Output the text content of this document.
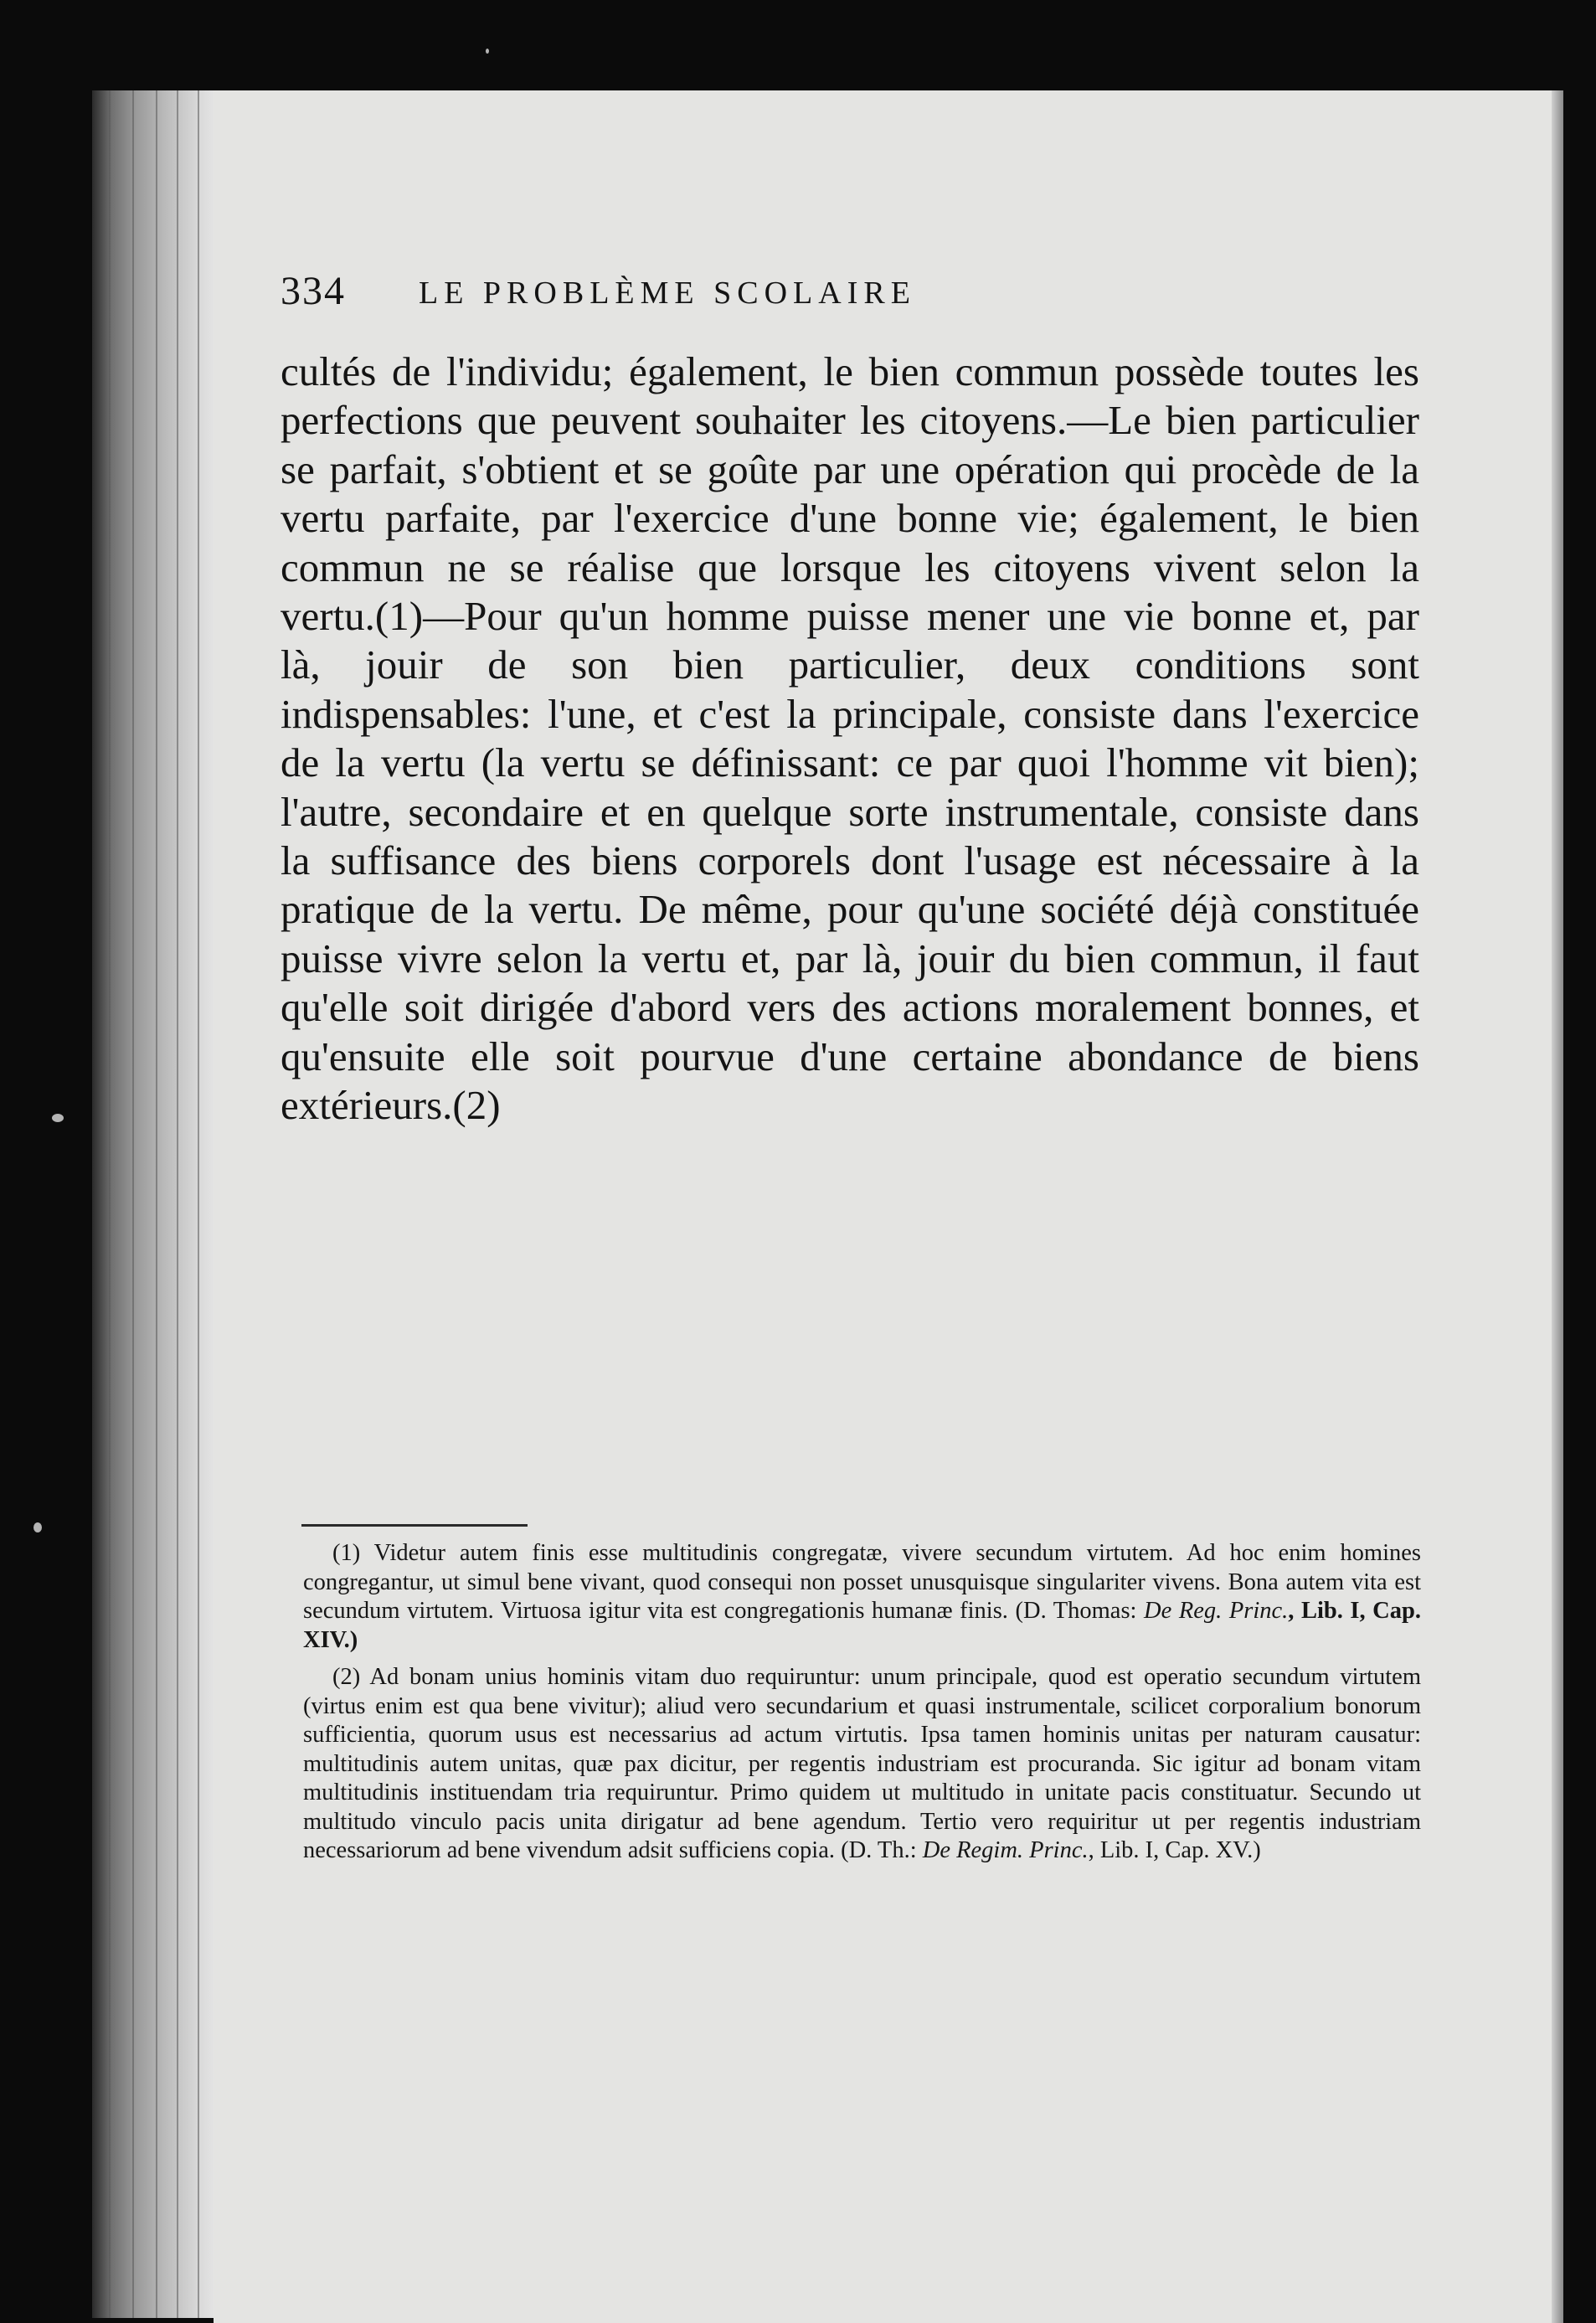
334 LE PROBLÈME SCOLAIRE

cultés de l'individu; également, le bien commun possède toutes les perfections que peuvent souhaiter les citoyens.—Le bien particulier se parfait, s'obtient et se goûte par une opération qui procède de la vertu parfaite, par l'exercice d'une bonne vie; également, le bien commun ne se réalise que lorsque les citoyens vivent selon la vertu.(1)—Pour qu'un homme puisse mener une vie bonne et, par là, jouir de son bien particulier, deux conditions sont indispensables: l'une, et c'est la principale, consiste dans l'exercice de la vertu (la vertu se définissant: ce par quoi l'homme vit bien); l'autre, secondaire et en quelque sorte instrumentale, consiste dans la suffisance des biens corporels dont l'usage est nécessaire à la pratique de la vertu. De même, pour qu'une société déjà constituée puisse vivre selon la vertu et, par là, jouir du bien commun, il faut qu'elle soit dirigée d'abord vers des actions moralement bonnes, et qu'ensuite elle soit pourvue d'une certaine abondance de biens extérieurs.(2)

(1) Videtur autem finis esse multitudinis congregatæ, vivere secundum virtutem. Ad hoc enim homines congregantur, ut simul bene vivant, quod consequi non posset unusquisque singulariter vivens. Bona autem vita est secundum virtutem. Virtuosa igitur vita est congregationis humanæ finis. (D. Thomas: De Reg. Princ., Lib. I, Cap. XIV.)

(2) Ad bonam unius hominis vitam duo requiruntur: unum principale, quod est operatio secundum virtutem (virtus enim est qua bene vivitur); aliud vero secundarium et quasi instrumentale, scilicet corporalium bonorum sufficientia, quorum usus est necessarius ad actum virtutis. Ipsa tamen hominis unitas per naturam causatur: multitudinis autem unitas, quæ pax dicitur, per regentis industriam est procuranda. Sic igitur ad bonam vitam multitudinis instituendam tria requiruntur. Primo quidem ut multitudo in unitate pacis constituatur. Secundo ut multitudo vinculo pacis unita dirigatur ad bene agendum. Tertio vero requiritur ut per regentis industriam necessariorum ad bene vivendum adsit sufficiens copia. (D. Th.: De Regim. Princ., Lib. I, Cap. XV.)
